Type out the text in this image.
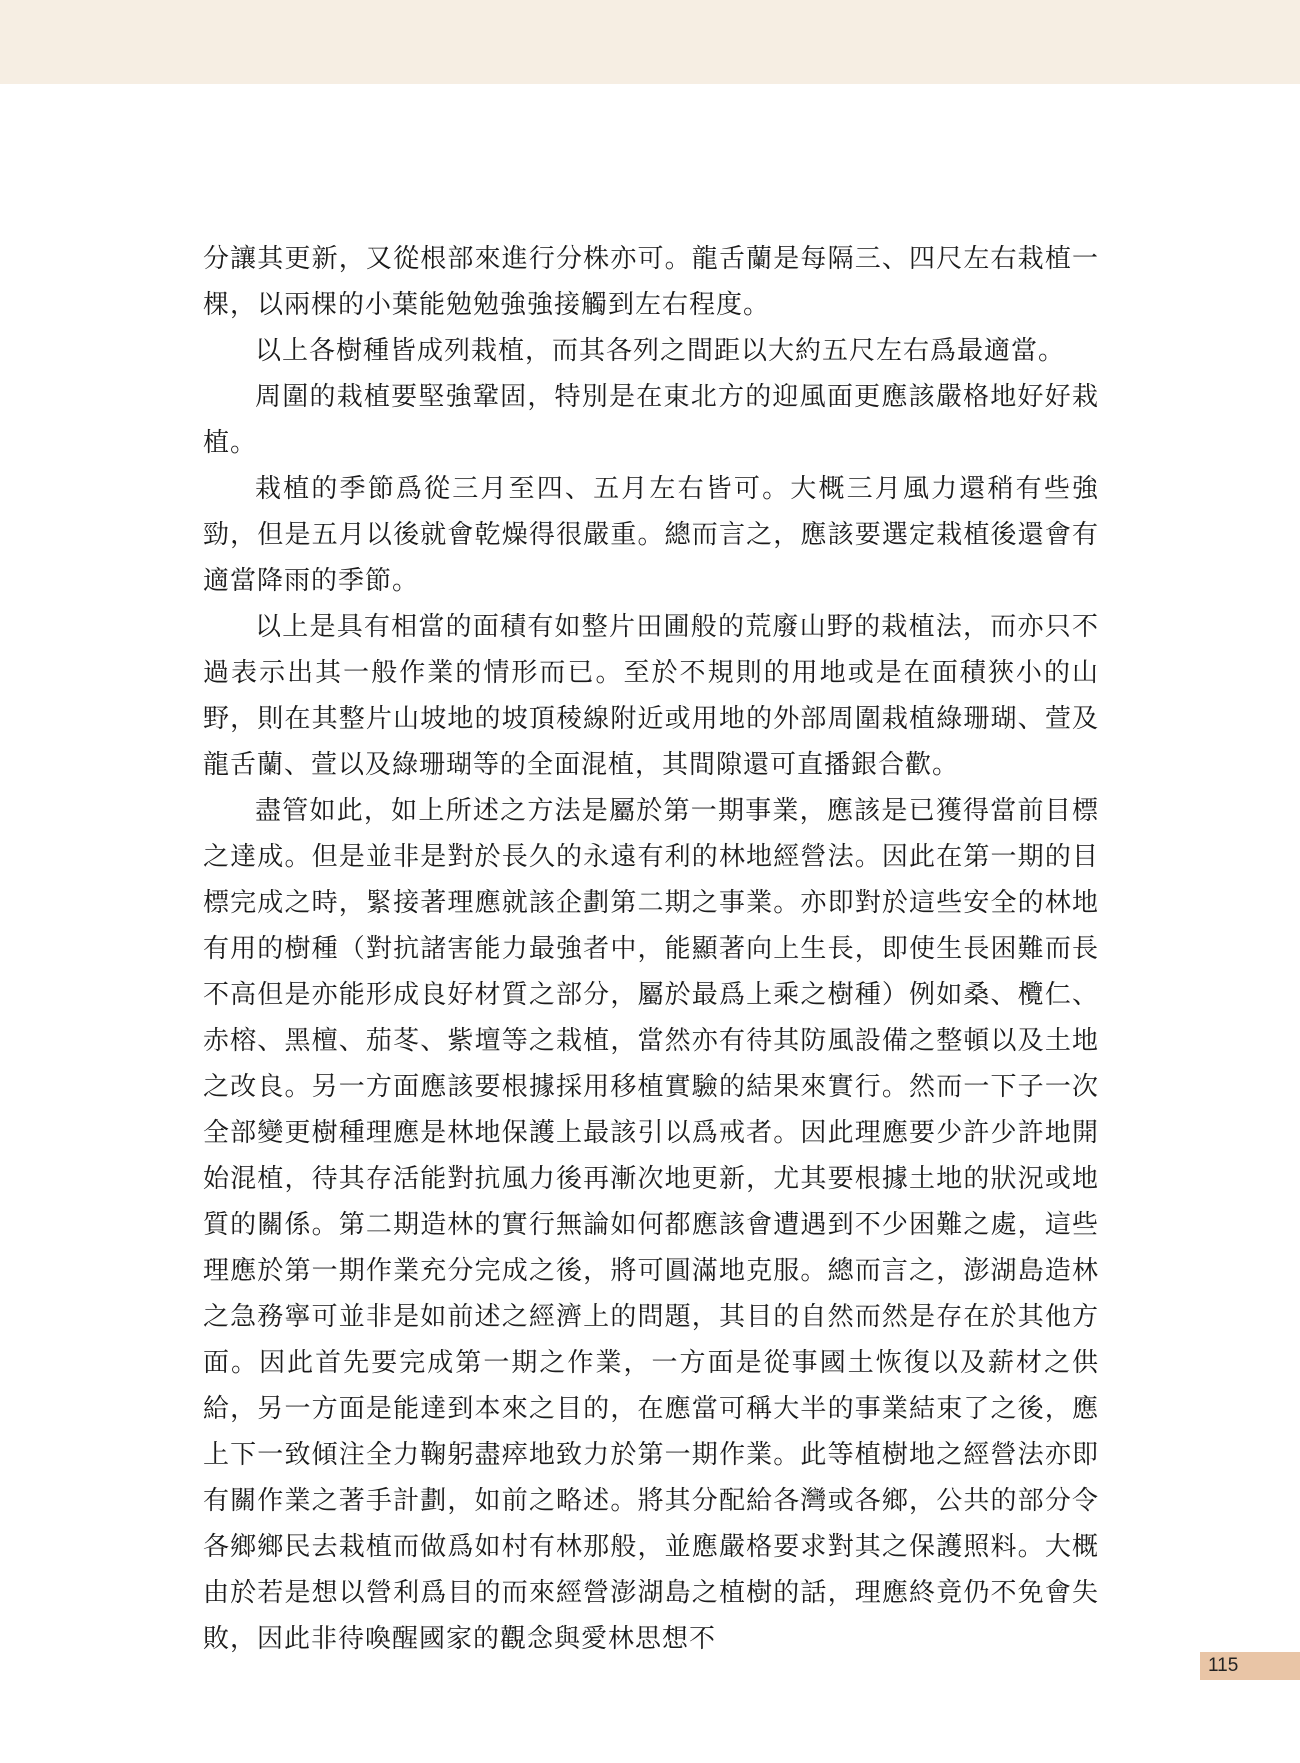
分讓其更新，又從根部來進行分株亦可。龍舌蘭是每隔三、四尺左右栽植一棵，以兩棵的小葉能勉勉強強接觸到左右程度。

以上各樹種皆成列栽植，而其各列之間距以大約五尺左右爲最適當。

周圍的栽植要堅強鞏固，特別是在東北方的迎風面更應該嚴格地好好栽植。

栽植的季節爲從三月至四、五月左右皆可。大概三月風力還稍有些強勁，但是五月以後就會乾燥得很嚴重。總而言之，應該要選定栽植後還會有適當降雨的季節。

以上是具有相當的面積有如整片田圃般的荒廢山野的栽植法，而亦只不過表示出其一般作業的情形而已。至於不規則的用地或是在面積狹小的山野，則在其整片山坡地的坡頂稜線附近或用地的外部周圍栽植綠珊瑚、萱及龍舌蘭、萱以及綠珊瑚等的全面混植，其間隙還可直播銀合歡。

盡管如此，如上所述之方法是屬於第一期事業，應該是已獲得當前目標之達成。但是並非是對於長久的永遠有利的林地經營法。因此在第一期的目標完成之時，緊接著理應就該企劃第二期之事業。亦即對於這些安全的林地有用的樹種（對抗諸害能力最強者中，能顯著向上生長，即使生長困難而長不高但是亦能形成良好材質之部分，屬於最爲上乘之樹種）例如桑、欖仁、赤榕、黑檀、茄苳、紫壇等之栽植，當然亦有待其防風設備之整頓以及土地之改良。另一方面應該要根據採用移植實驗的結果來實行。然而一下子一次全部變更樹種理應是林地保護上最該引以爲戒者。因此理應要少許少許地開始混植，待其存活能對抗風力後再漸次地更新，尤其要根據土地的狀況或地質的關係。第二期造林的實行無論如何都應該會遭遇到不少困難之處，這些理應於第一期作業充分完成之後，將可圓滿地克服。總而言之，澎湖島造林之急務寧可並非是如前述之經濟上的問題，其目的自然而然是存在於其他方面。因此首先要完成第一期之作業，一方面是從事國土恢復以及薪材之供給，另一方面是能達到本來之目的，在應當可稱大半的事業結束了之後，應上下一致傾注全力鞠躬盡瘁地致力於第一期作業。此等植樹地之經營法亦即有關作業之著手計劃，如前之略述。將其分配給各灣或各鄉，公共的部分令各鄉鄉民去栽植而做爲如村有林那般，並應嚴格要求對其之保護照料。大概由於若是想以營利爲目的而來經營澎湖島之植樹的話，理應終竟仍不免會失敗，因此非待喚醒國家的觀念與愛林思想不

115
